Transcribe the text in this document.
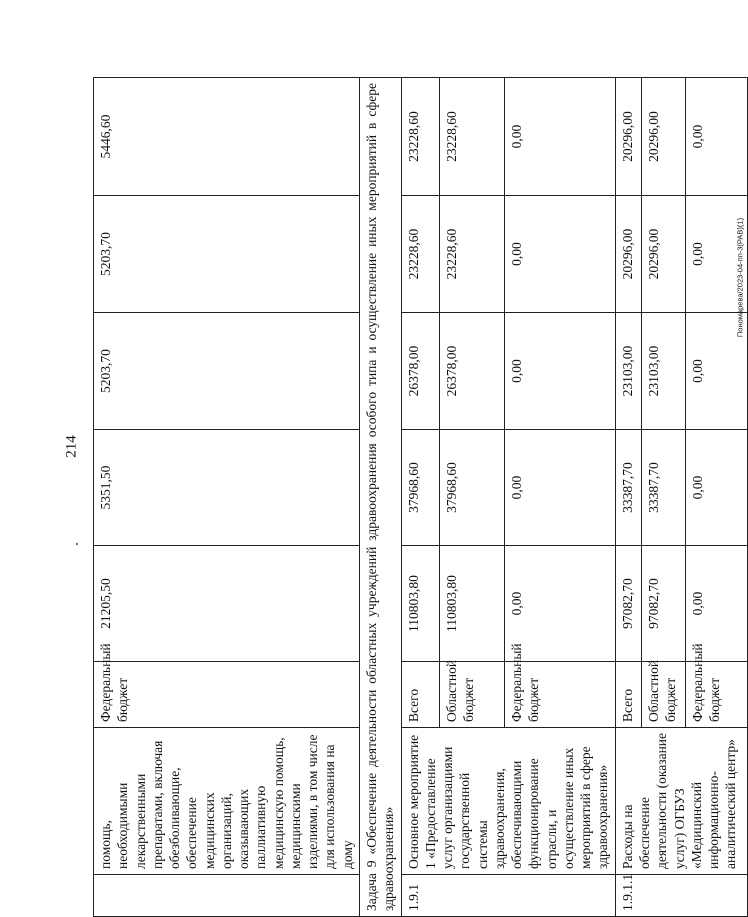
214
Пономарева/2023-04-пп-3(РАВ)(1)
	помощь, необходимыми лекарственными препаратами, включая обезболивающие, обеспечение медицинских организаций, оказывающих паллиативную медицинскую помощь, медицинскими изделиями, в том числе для использования на дому	Федеральный бюджет	21205,50	5351,50	5203,70	5203,70	5446,60
Задача 9 «Обеспечение деятельности областных учреждений здравоохранения особого типа и осуществление иных мероприятий в сфере здравоохранения»							
1.9.1	Основное мероприятие 1 «Предоставление услуг организациями государственной системы здравоохранения, обеспечивающими функционирование отрасли, и осуществление иных мероприятий в сфере здравоохранения»	Всего	110803,80	37968,60	26378,00	23228,60	23228,60
		Областной бюджет	110803,80	37968,60	26378,00	23228,60	23228,60
		Федеральный бюджет	0,00	0,00	0,00	0,00	0,00
1.9.1.1	Расходы на обеспечение деятельности (оказание услуг) ОГБУЗ «Медицинский информационно-аналитический центр»	Всего	97082,70	33387,70	23103,00	20296,00	20296,00
		Областной бюджет	97082,70	33387,70	23103,00	20296,00	20296,00
		Федеральный бюджет	0,00	0,00	0,00	0,00	0,00
